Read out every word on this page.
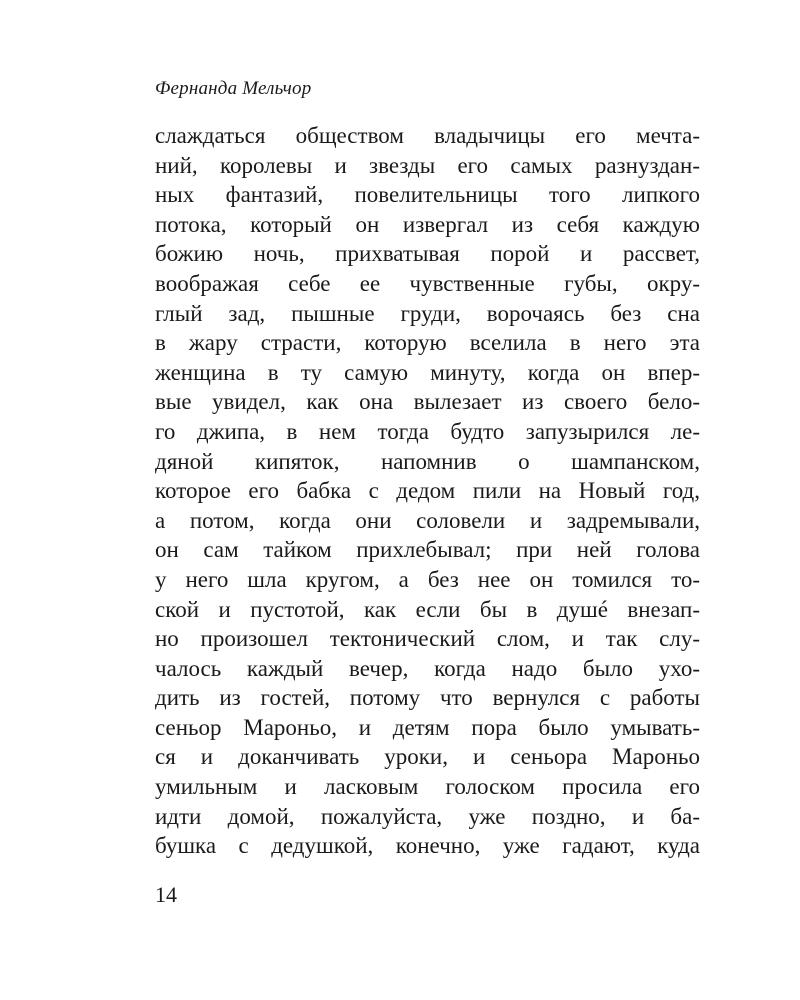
Фернанда Мельчор
слаждаться обществом владычицы его мечта-
ний, королевы и звезды его самых разнуздан-
ных фантазий, повелительницы того липкого
потока, который он извергал из себя каждую
божию ночь, прихватывая порой и рассвет,
воображая себе ее чувственные губы, окру-
глый зад, пышные груди, ворочаясь без сна
в жару страсти, которую вселила в него эта
женщина в ту самую минуту, когда он впер-
вые увидел, как она вылезает из своего бело-
го джипа, в нем тогда будто запузырился ле-
дяной кипяток, напомнив о шампанском,
которое его бабка с дедом пили на Новый год,
а потом, когда они соловели и задремывали,
он сам тайком прихлебывал; при ней голова
у него шла кругом, а без нее он томился то-
ской и пустотой, как если бы в душé внезап-
но произошел тектонический слом, и так слу-
чалось каждый вечер, когда надо было ухо-
дить из гостей, потому что вернулся с работы
сеньор Мароньо, и детям пора было умывать-
ся и доканчивать уроки, и сеньора Мароньо
умильным и ласковым голоском просила его
идти домой, пожалуйста, уже поздно, и ба-
бушка с дедушкой, конечно, уже гадают, куда
14
